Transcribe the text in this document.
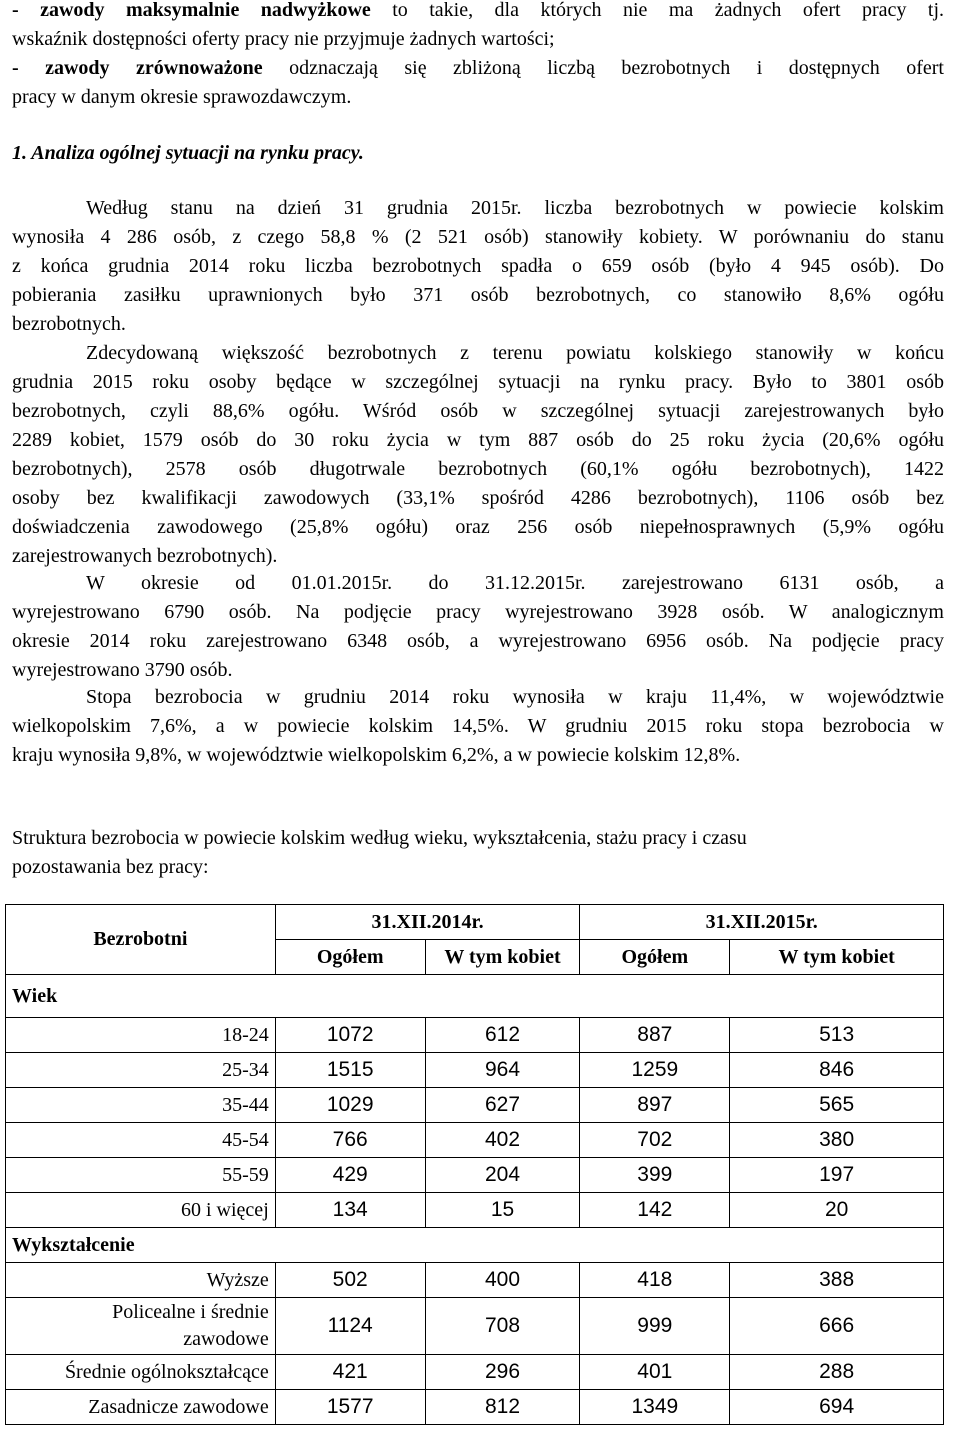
- zawody maksymalnie nadwyżkowe to takie, dla których nie ma żadnych ofert pracy tj.
wskaźnik dostępności oferty pracy nie przyjmuje żadnych wartości;
- zawody zrównoważone odznaczają się zbliżoną liczbą bezrobotnych i dostępnych ofert
pracy w danym okresie sprawozdawczym.
1. Analiza ogólnej sytuacji na rynku pracy.
Według stanu na dzień 31 grudnia 2015r. liczba bezrobotnych w powiecie kolskim
wynosiła 4 286 osób, z czego 58,8 % (2 521 osób) stanowiły kobiety. W porównaniu do stanu
z końca grudnia 2014 roku liczba bezrobotnych spadła o 659 osób (było 4 945 osób). Do
pobierania zasiłku uprawnionych było 371 osób bezrobotnych, co stanowiło 8,6% ogółu
bezrobotnych.
Zdecydowaną większość bezrobotnych z terenu powiatu kolskiego stanowiły w końcu
grudnia 2015 roku osoby będące w szczególnej sytuacji na rynku pracy. Było to 3801 osób
bezrobotnych, czyli 88,6% ogółu. Wśród osób w szczególnej sytuacji zarejestrowanych było
2289 kobiet, 1579 osób do 30 roku życia w tym 887 osób do 25 roku życia (20,6% ogółu
bezrobotnych), 2578 osób długotrwale bezrobotnych (60,1% ogółu bezrobotnych), 1422
osoby bez kwalifikacji zawodowych (33,1% spośród 4286 bezrobotnych), 1106 osób bez
doświadczenia zawodowego (25,8% ogółu) oraz 256 osób niepełnosprawnych (5,9% ogółu
zarejestrowanych bezrobotnych).
W okresie od 01.01.2015r. do 31.12.2015r. zarejestrowano 6131 osób, a
wyrejestrowano 6790 osób. Na podjęcie pracy wyrejestrowano 3928 osób. W analogicznym
okresie 2014 roku zarejestrowano 6348 osób, a wyrejestrowano 6956 osób. Na podjęcie pracy
wyrejestrowano 3790 osób.
Stopa bezrobocia w grudniu 2014 roku wynosiła w kraju 11,4%, w województwie
wielkopolskim 7,6%, a w powiecie kolskim 14,5%. W grudniu 2015 roku stopa bezrobocia w
kraju wynosiła 9,8%, w województwie wielkopolskim 6,2%, a w powiecie kolskim 12,8%.
Struktura bezrobocia w powiecie kolskim według wieku, wykształcenia, stażu pracy i czasu
pozostawania bez pracy:
Bezrobotni	31.XII.2014r.		31.XII.2015r.	
	Ogółem	W tym kobiet	Ogółem	W tym kobiet
Wiek				
18-24	1072	612	887	513
25-34	1515	964	1259	846
35-44	1029	627	897	565
45-54	766	402	702	380
55-59	429	204	399	197
60 i więcej	134	15	142	20
Wykształcenie				
Wyższe	502	400	418	388
Policealne i średnie zawodowe	1124	708	999	666
Średnie ogólnokształcące	421	296	401	288
Zasadnicze zawodowe	1577	812	1349	694
